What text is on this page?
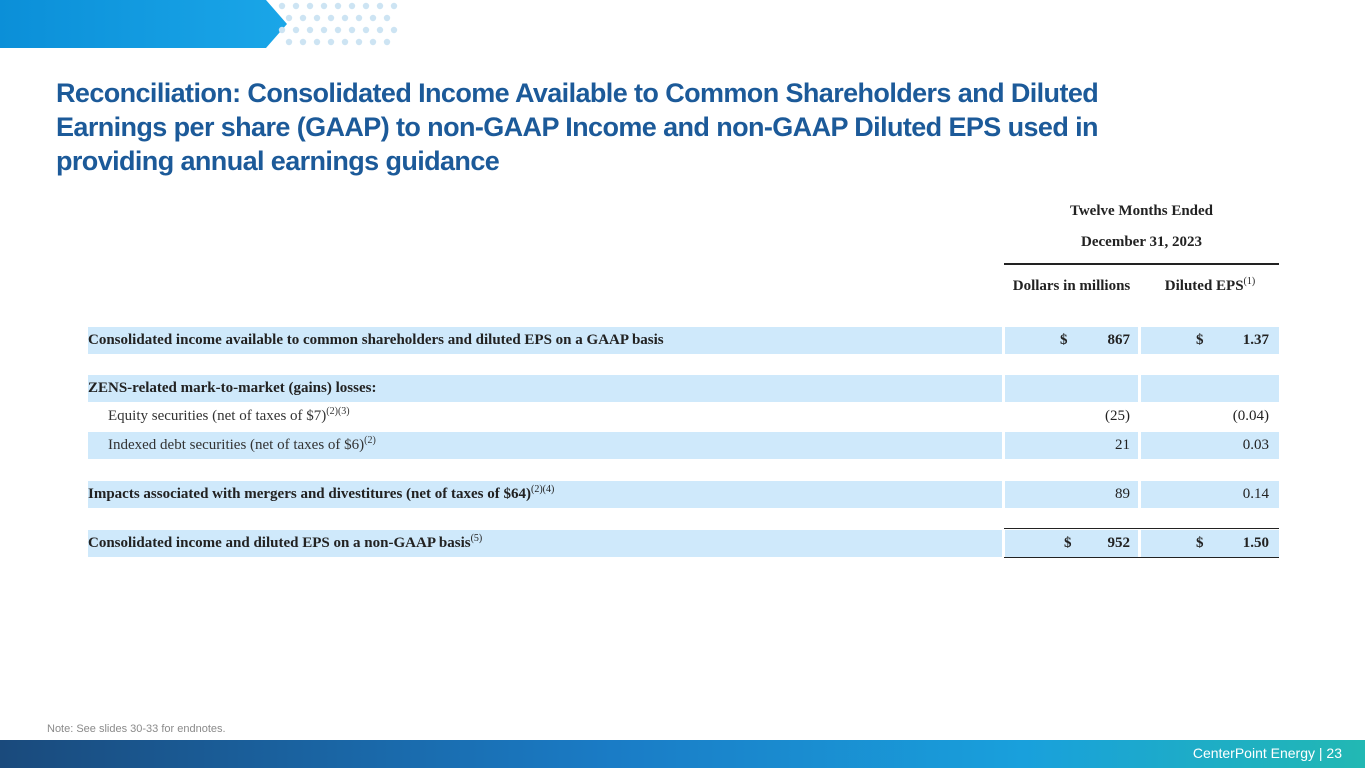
Reconciliation: Consolidated Income Available to Common Shareholders and Diluted Earnings per share (GAAP) to non-GAAP Income and non-GAAP Diluted EPS used in providing annual earnings guidance
Twelve Months Ended
December 31, 2023
Dollars in millions	Diluted EPS$^{(1)}$
Consolidated income available to common shareholders and diluted EPS on a GAAP basis	$	867	$	1.37
ZENS-related mark-to-market (gains) losses:
Equity securities (net of taxes of $7)$^{(2)(3)}$	(25)	(0.04)
Indexed debt securities (net of taxes of $6)$^{(2)}$	21	0.03
Impacts associated with mergers and divestitures (net of taxes of $64)$^{(2)(4)}$	89	0.14
Consolidated income and diluted EPS on a non-GAAP basis$^{(5)}$	$	952	$	1.50
Note: See slides 30-33 for endnotes.
CenterPoint Energy | 23
